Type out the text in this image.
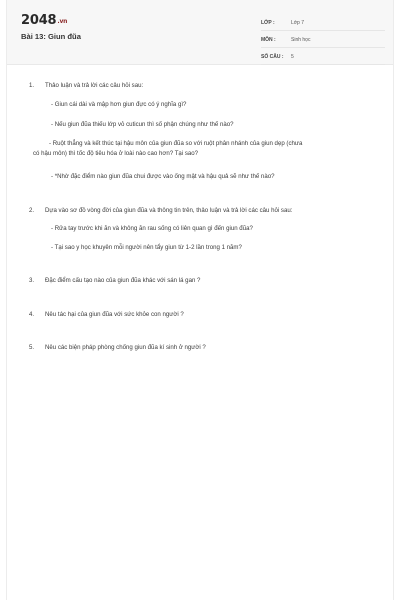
2048.vn
Bài 13: Giun đũa
LỚP :	Lớp 7
MÔN :	Sinh học
SỐ CÂU :	5
1. Thảo luận và trả lời các câu hỏi sau:
- Giun cái dài và mập hơn giun đực có ý nghĩa gì?
- Nếu giun đũa thiếu lớp vỏ cuticun thì số phận chúng như thế nào?
- Ruột thẳng và kết thúc tại hậu môn của giun đũa so với ruột phân nhánh của giun dẹp (chưa
có hậu môn) thì tốc độ tiêu hóa ở loài nào cao hơn? Tại sao?
- *Nhờ đặc điểm nào giun đũa chui được vào ống mật và hậu quả sẽ như thế nào?
2. Dựa vào sơ đồ vòng đời của giun đũa và thông tin trên, thảo luận và trả lời các câu hỏi sau:
- Rửa tay trước khi ăn và không ăn rau sống có liên quan gì đến giun đũa?
- Tại sao y học khuyên mỗi người nên tẩy giun từ 1-2 lần trong 1 năm?
3. Đặc điểm cấu tạo nào của giun đũa khác với sán lá gan ?
4. Nêu tác hại của giun đũa với sức khỏe con người ?
5. Nêu các biện pháp phòng chống giun đũa kí sinh ở người ?
